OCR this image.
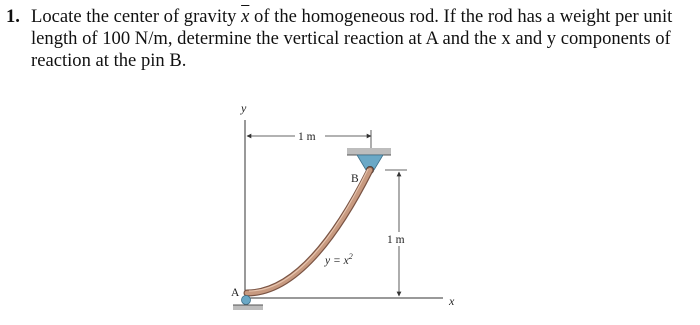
1. Locate the center of gravity $\overline{x}$ of the homogeneous rod. If the rod has a weight per unit length of 100 N/m, determine the vertical reaction at A and the x and y components of reaction at the pin B.
y
x
1 m
B
1 m
$y = x^2$
A
